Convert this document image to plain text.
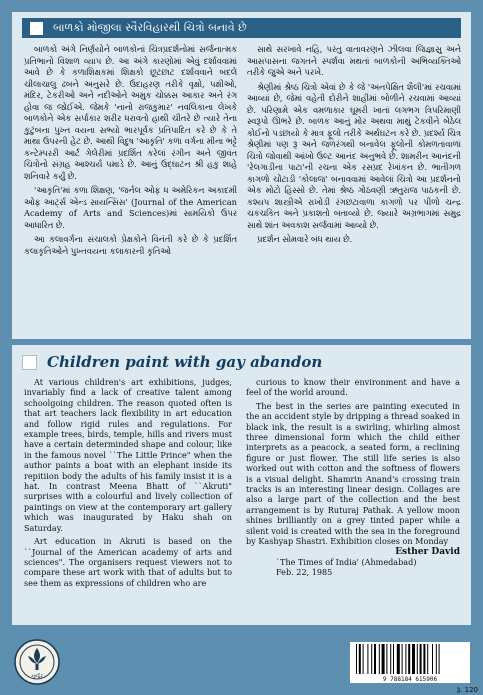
બાળકો મોજીલા સ્વૈરવિહારથી ચિત્રો બનાવે છે

બાળકો અંગે નિર્ણયોને બાળકોનાં ચિત્રપ્રદર્શનોમાં સર્જનાત્મક પ્રતિભાનો વિશાળ વ્યાપ છે. આ અંગે કારણોમાં એવું દર્શાવવામાં આવે છે કે કળાશિક્ષકમાં શિક્ષકો છૂટછાટ દર્શાવવાને બદલે ચીલાચાલુ ઢબને અનુસરે છે. ઉદાહરણ તરીકે વૃક્ષો, પક્ષીઓ, મંદિર, ટેકરીઓ અને નદીઓને અમુક ચોક્કસ આકાર અને રંગ હોવા જ જોઈએ. જેમકે 'નાનો રાજકુમાર' નવલિકાના લેખકે બાળકોને એક સર્પાકાર શરીર ધરાવતો હાથી ચીતરે છે ત્યારે તેના કુટુંબના પુખ્ત વયના સભ્યો ભારપૂર્વક પ્રતિપાદિત કરે છે કે તે માથા ઉપરની હેટ છે. આથી વિદુષ 'આકૃતિ' કળા વર્ગના મીના ભટ્ટે કન્ટેમ્પરરી આર્ટ ગેલેરીમાં પ્રદર્શિત કરેલાં રંગીન અને જીવંત ચિત્રોનો સંગ્રહ આશ્ચર્ય પમાડે છે. આનું ઉદ્ઘાટન શ્રી હકુ શાહે શનિવારે કર્યું છે.

'આકૃતિ'માં કળા શિક્ષણ, 'જર્નલ ઓફ ધ અમેરિકન અકાદમી ઓફ આર્ટ્સ એન્ડ સાયન્સિસ' (Journal of the American Academy of Arts and Sciences)માં સામયિકો ઉપર આધારિત છે.

આ કલાવર્ગના સંચાલકો પ્રેક્ષકોને વિનંતી કરે છે કે પ્રદર્શિત કલાકૃતિઓને પુખ્તવયના કલાકારની કૃતિઓ

સાથે સરખાવે નહિ, પરંતુ વાતાવરણને ઝીલવા જિજ્ઞાસુ અને આસપાસના જગતને સ્પર્શવા મથતાં બાળકોની અભિવ્યક્તિઓ તરીકે જુએ અને પરખે.

શ્રેણીમાં શ્રેષ્ઠ ચિત્રો એવાં છે કે જે 'અનપેક્ષિત શૈલી'માં રચવામાં આવ્યાં છે, જેમાં વહેતી દોરીને શાહીમાં બોળીને રચવામાં આવ્યાં છે. પરિણામે એક વમળાકાર ઘૂમરી ખાતાં લગભગ ત્રિપરિમાણી સ્વરૂપો ઊભરે છે. બાળક આનું મોર અથવા માથું ટેકવીને બેઠેલ કોઈનો પડછાયો કે માત્ર ફૂલો તરીકે અર્થઘટન કરે છે. પ્રદર્શ્ય ચિત્ર શ્રેણીમાં પણ રૂ અને જળરંગથી બનાવેલ ફૂલોની કોમળતાવાળાં ચિત્રો જોવાથી આંખો ઉલ્ટ આનંદ અનુભવે છે. શામરીન આનંદની 'રેલગાડીના પાટા'ની રચના એક રસપ્રદ રેખાંકન છે. ભાતીગળ કાગળો ચોંટાડી 'કોલાજ' બનાવવામાં આવેલાં ચિત્રો આ પ્રદર્શનનો એક મોટો હિસ્સો છે. તેમાં શ્રેષ્ઠ ગોઠવણી ઋતુરાજ પાઠકની છે. કશ્યપ શાસ્ત્રીએ રાખોડી રંગછટાવાળા કાગળો પર પીળો ચન્દ્ર ચકચકિત અને પ્રકાશતો બતાવ્યો છે. જ્યારે અગ્રભાગમાં સમુદ્ર સાથે શાંત અવકાશ સર્જવામાં આવ્યો છે.

પ્રદર્શન સોમવારે બંધ થાય છે.

Children paint with gay abandon

At various children's art exhibitions, judges, invariably find a lack of creative talent among schoolgoing children. The reason quoted often is that art teachers lack flexibility in art education and follow rigid rules and regulations. For example trees, birds, temple, hills and rivers must have a certain determinded shape and colour, like in the famous novel ``The Little Prince" when the author paints a boat with an elephant inside its repitiion body the adults of his family insist it is a hat. In contrast Meena Bhatt of ``Akruti" surprises with a colourful and lively collection of paintings on view at the contemporary art gallery which was inaugurated by Haku shah on Saturday.

Art education in Akruti is based on the ``Journal of the American academy of arts and sciences". The organisers request viewers not to compare these art work with that of adults but to see them as expressions of children who are

curious to know their environment and have a feel of the world around.

The best in the series are painting executed in the an accident style by dripping a thread soaked in black ink, the result is a swirling, whirling almost three dimensional form which the child either interprets as a peacock, a seated form, a reclining figure or just flower. The still life series is also worked out with cotton and the softness of flowers is a visual delight. Shamrin Anand's crossing train tracks is an interesting linear design. Collages are also a large part of the collection and the best arrangement is by Ruturaj Pathak. A yellow moon shines brilliantly on a grey tinted paper while a silent void is created with the sea in the foreground by Kashyap Shastri. Exhibition closes on Monday

Esther David
`The Times of India' (Ahmedabad)
Feb. 22, 1985
ગુર્જર	9 788184 615906
રૂ. 120
